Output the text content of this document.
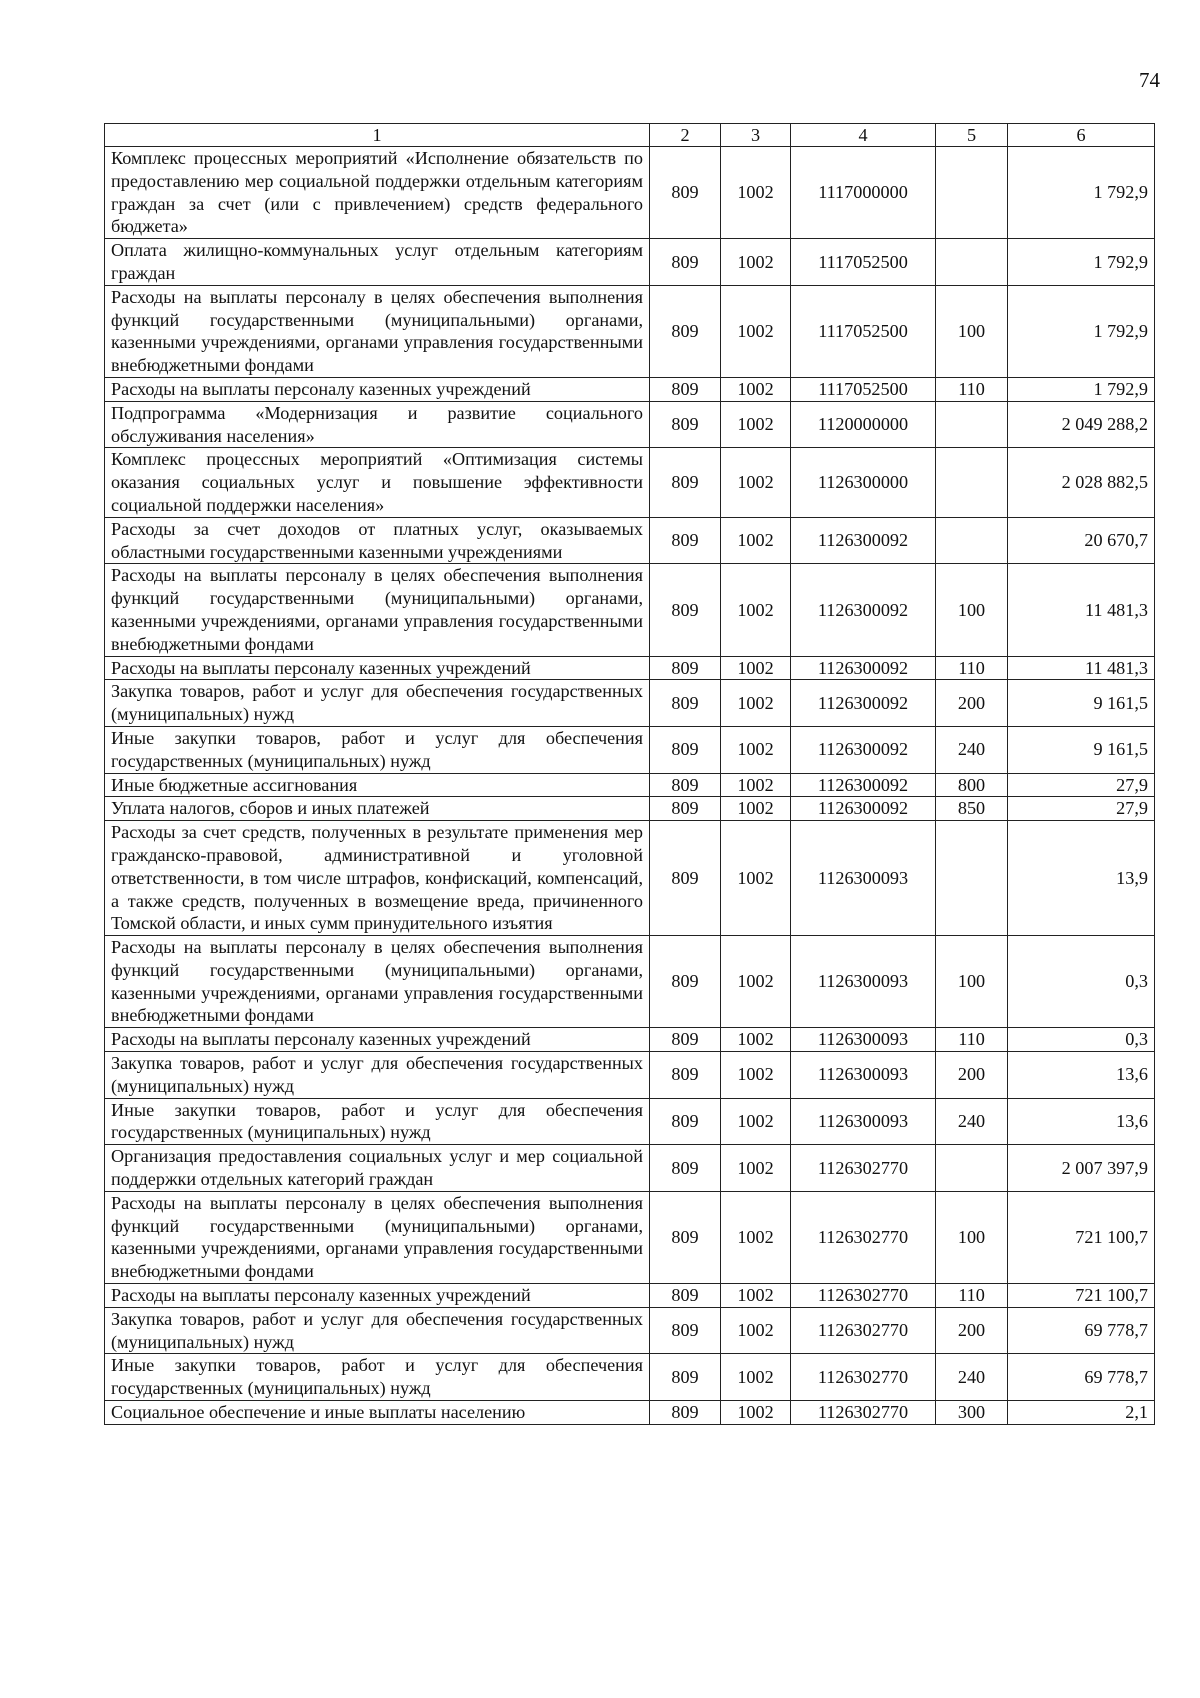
74
1	2	3	4	5	6
Комплекс процессных мероприятий «Исполнение обязательств по предоставлению мер социальной поддержки отдельным категориям граждан за счет (или с привлечением) средств федерального бюджета»	809	1002	1117000000		1 792,9
Оплата жилищно-коммунальных услуг отдельным категориям граждан	809	1002	1117052500		1 792,9
Расходы на выплаты персоналу в целях обеспечения выполнения функций государственными (муниципальными) органами, казенными учреждениями, органами управления государственными внебюджетными фондами	809	1002	1117052500	100	1 792,9
Расходы на выплаты персоналу казенных учреждений	809	1002	1117052500	110	1 792,9
Подпрограмма «Модернизация и развитие социального обслуживания населения»	809	1002	1120000000		2 049 288,2
Комплекс процессных мероприятий «Оптимизация системы оказания социальных услуг и повышение эффективности социальной поддержки населения»	809	1002	1126300000		2 028 882,5
Расходы за счет доходов от платных услуг, оказываемых областными государственными казенными учреждениями	809	1002	1126300092		20 670,7
Расходы на выплаты персоналу в целях обеспечения выполнения функций государственными (муниципальными) органами, казенными учреждениями, органами управления государственными внебюджетными фондами	809	1002	1126300092	100	11 481,3
Расходы на выплаты персоналу казенных учреждений	809	1002	1126300092	110	11 481,3
Закупка товаров, работ и услуг для обеспечения государственных (муниципальных) нужд	809	1002	1126300092	200	9 161,5
Иные закупки товаров, работ и услуг для обеспечения государственных (муниципальных) нужд	809	1002	1126300092	240	9 161,5
Иные бюджетные ассигнования	809	1002	1126300092	800	27,9
Уплата налогов, сборов и иных платежей	809	1002	1126300092	850	27,9
Расходы за счет средств, полученных в результате применения мер гражданско-правовой, административной и уголовной ответственности, в том числе штрафов, конфискаций, компенсаций, а также средств, полученных в возмещение вреда, причиненного Томской области, и иных сумм принудительного изъятия	809	1002	1126300093		13,9
Расходы на выплаты персоналу в целях обеспечения выполнения функций государственными (муниципальными) органами, казенными учреждениями, органами управления государственными внебюджетными фондами	809	1002	1126300093	100	0,3
Расходы на выплаты персоналу казенных учреждений	809	1002	1126300093	110	0,3
Закупка товаров, работ и услуг для обеспечения государственных (муниципальных) нужд	809	1002	1126300093	200	13,6
Иные закупки товаров, работ и услуг для обеспечения государственных (муниципальных) нужд	809	1002	1126300093	240	13,6
Организация предоставления социальных услуг и мер социальной поддержки отдельных категорий граждан	809	1002	1126302770		2 007 397,9
Расходы на выплаты персоналу в целях обеспечения выполнения функций государственными (муниципальными) органами, казенными учреждениями, органами управления государственными внебюджетными фондами	809	1002	1126302770	100	721 100,7
Расходы на выплаты персоналу казенных учреждений	809	1002	1126302770	110	721 100,7
Закупка товаров, работ и услуг для обеспечения государственных (муниципальных) нужд	809	1002	1126302770	200	69 778,7
Иные закупки товаров, работ и услуг для обеспечения государственных (муниципальных) нужд	809	1002	1126302770	240	69 778,7
Социальное обеспечение и иные выплаты населению	809	1002	1126302770	300	2,1
